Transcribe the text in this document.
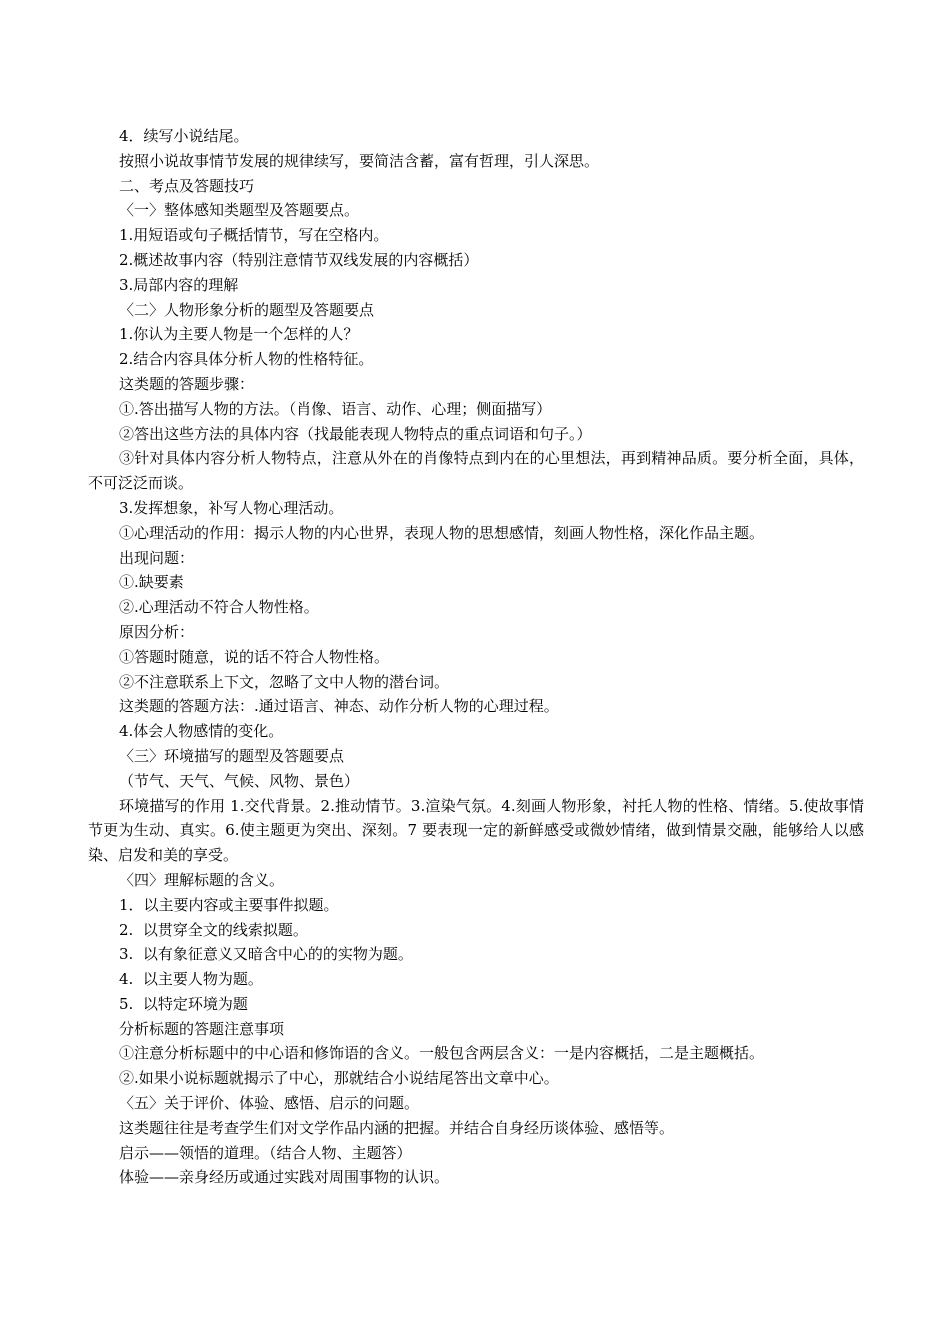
4．续写小说结尾。
按照小说故事情节发展的规律续写，要简洁含蓄，富有哲理，引人深思。
二、考点及答题技巧
〈一〉整体感知类题型及答题要点。
1.用短语或句子概括情节，写在空格内。
2.概述故事内容（特别注意情节双线发展的内容概括）
3.局部内容的理解
〈二〉人物形象分析的题型及答题要点
1.你认为主要人物是一个怎样的人？
2.结合内容具体分析人物的性格特征。
这类题的答题步骤：
①.答出描写人物的方法。（肖像、语言、动作、心理；侧面描写）
②答出这些方法的具体内容（找最能表现人物特点的重点词语和句子。）
③针对具体内容分析人物特点，注意从外在的肖像特点到内在的心里想法，再到精神品质。要分析全面，具体，不可泛泛而谈。
3.发挥想象，补写人物心理活动。
①心理活动的作用：揭示人物的内心世界，表现人物的思想感情，刻画人物性格，深化作品主题。
出现问题：
①.缺要素
②.心理活动不符合人物性格。
原因分析：
①答题时随意，说的话不符合人物性格。
②不注意联系上下文，忽略了文中人物的潜台词。
这类题的答题方法：.通过语言、神态、动作分析人物的心理过程。
4.体会人物感情的变化。
〈三〉环境描写的题型及答题要点
（节气、天气、气候、风物、景色）
环境描写的作用 1.交代背景。2.推动情节。3.渲染气氛。4.刻画人物形象，衬托人物的性格、情绪。5.使故事情节更为生动、真实。6.使主题更为突出、深刻。7 要表现一定的新鲜感受或微妙情绪，做到情景交融，能够给人以感染、启发和美的享受。
〈四〉理解标题的含义。
1．以主要内容或主要事件拟题。
2.  以贯穿全文的线索拟题。
3.  以有象征意义又暗含中心的的实物为题。
4.  以主要人物为题。
5.  以特定环境为题
分析标题的答题注意事项
①注意分析标题中的中心语和修饰语的含义。一般包含两层含义：一是内容概括，二是主题概括。
②.如果小说标题就揭示了中心，那就结合小说结尾答出文章中心。
〈五〉关于评价、体验、感悟、启示的问题。
这类题往往是考查学生们对文学作品内涵的把握。并结合自身经历谈体验、感悟等。
启示——领悟的道理。（结合人物、主题答）
体验——亲身经历或通过实践对周围事物的认识。
